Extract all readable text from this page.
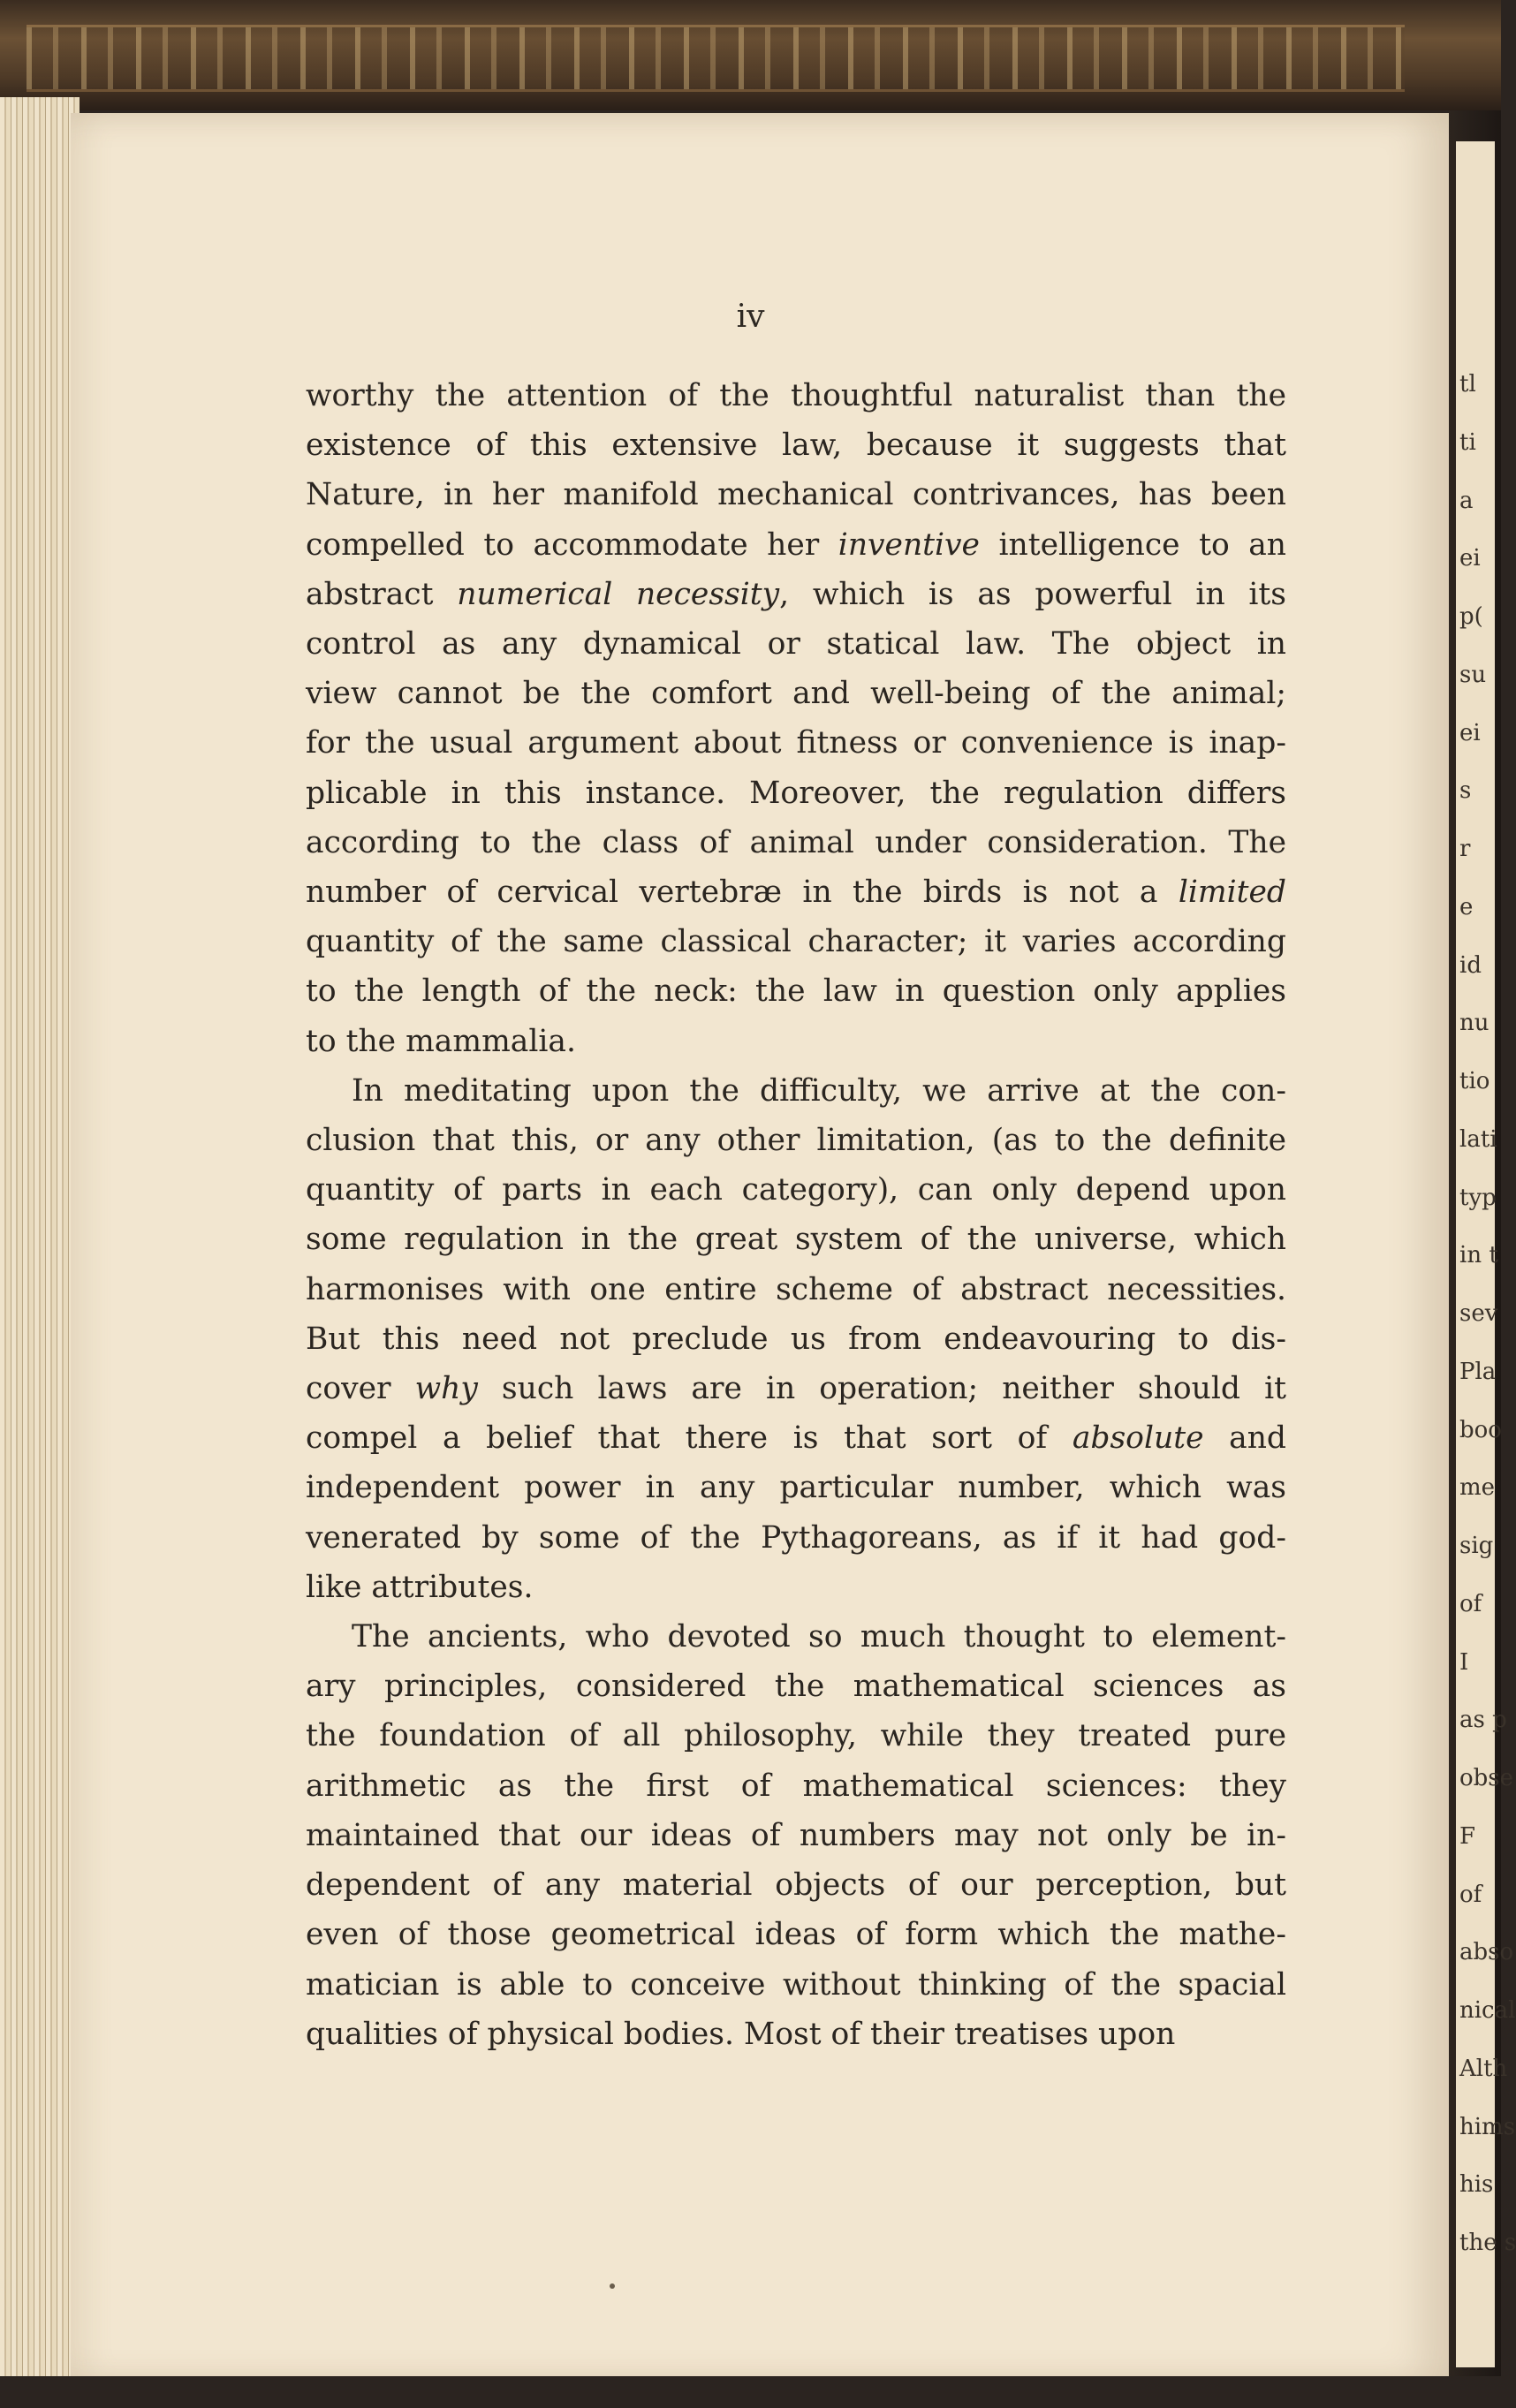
tl
ti
a
ei
p(
su
ei
s
r
e
id
nu
tio
lati
typ
in t
sev
Pla
boo
me
sig
of
I
as p
obse
F
of
abso
nical
Alth
hims
his
the s
iv
worthy the attention of the thoughtful naturalist than the
existence of this extensive law, because it suggests that
Nature, in her manifold mechanical contrivances, has been
compelled to accommodate her inventive intelligence to an
abstract numerical necessity, which is as powerful in its
control as any dynamical or statical law. The object in
view cannot be the comfort and well-being of the animal;
for the usual argument about fitness or convenience is inap-
plicable in this instance. Moreover, the regulation differs
according to the class of animal under consideration. The
number of cervical vertebræ in the birds is not a limited
quantity of the same classical character; it varies according
to the length of the neck: the law in question only applies
to the mammalia.
In meditating upon the difficulty, we arrive at the con-
clusion that this, or any other limitation, (as to the definite
quantity of parts in each category), can only depend upon
some regulation in the great system of the universe, which
harmonises with one entire scheme of abstract necessities.
But this need not preclude us from endeavouring to dis-
cover why such laws are in operation; neither should it
compel a belief that there is that sort of absolute and
independent power in any particular number, which was
venerated by some of the Pythagoreans, as if it had god-
like attributes.
The ancients, who devoted so much thought to element-
ary principles, considered the mathematical sciences as
the foundation of all philosophy, while they treated pure
arithmetic as the first of mathematical sciences: they
maintained that our ideas of numbers may not only be in-
dependent of any material objects of our perception, but
even of those geometrical ideas of form which the mathe-
matician is able to conceive without thinking of the spacial
qualities of physical bodies. Most of their treatises upon
